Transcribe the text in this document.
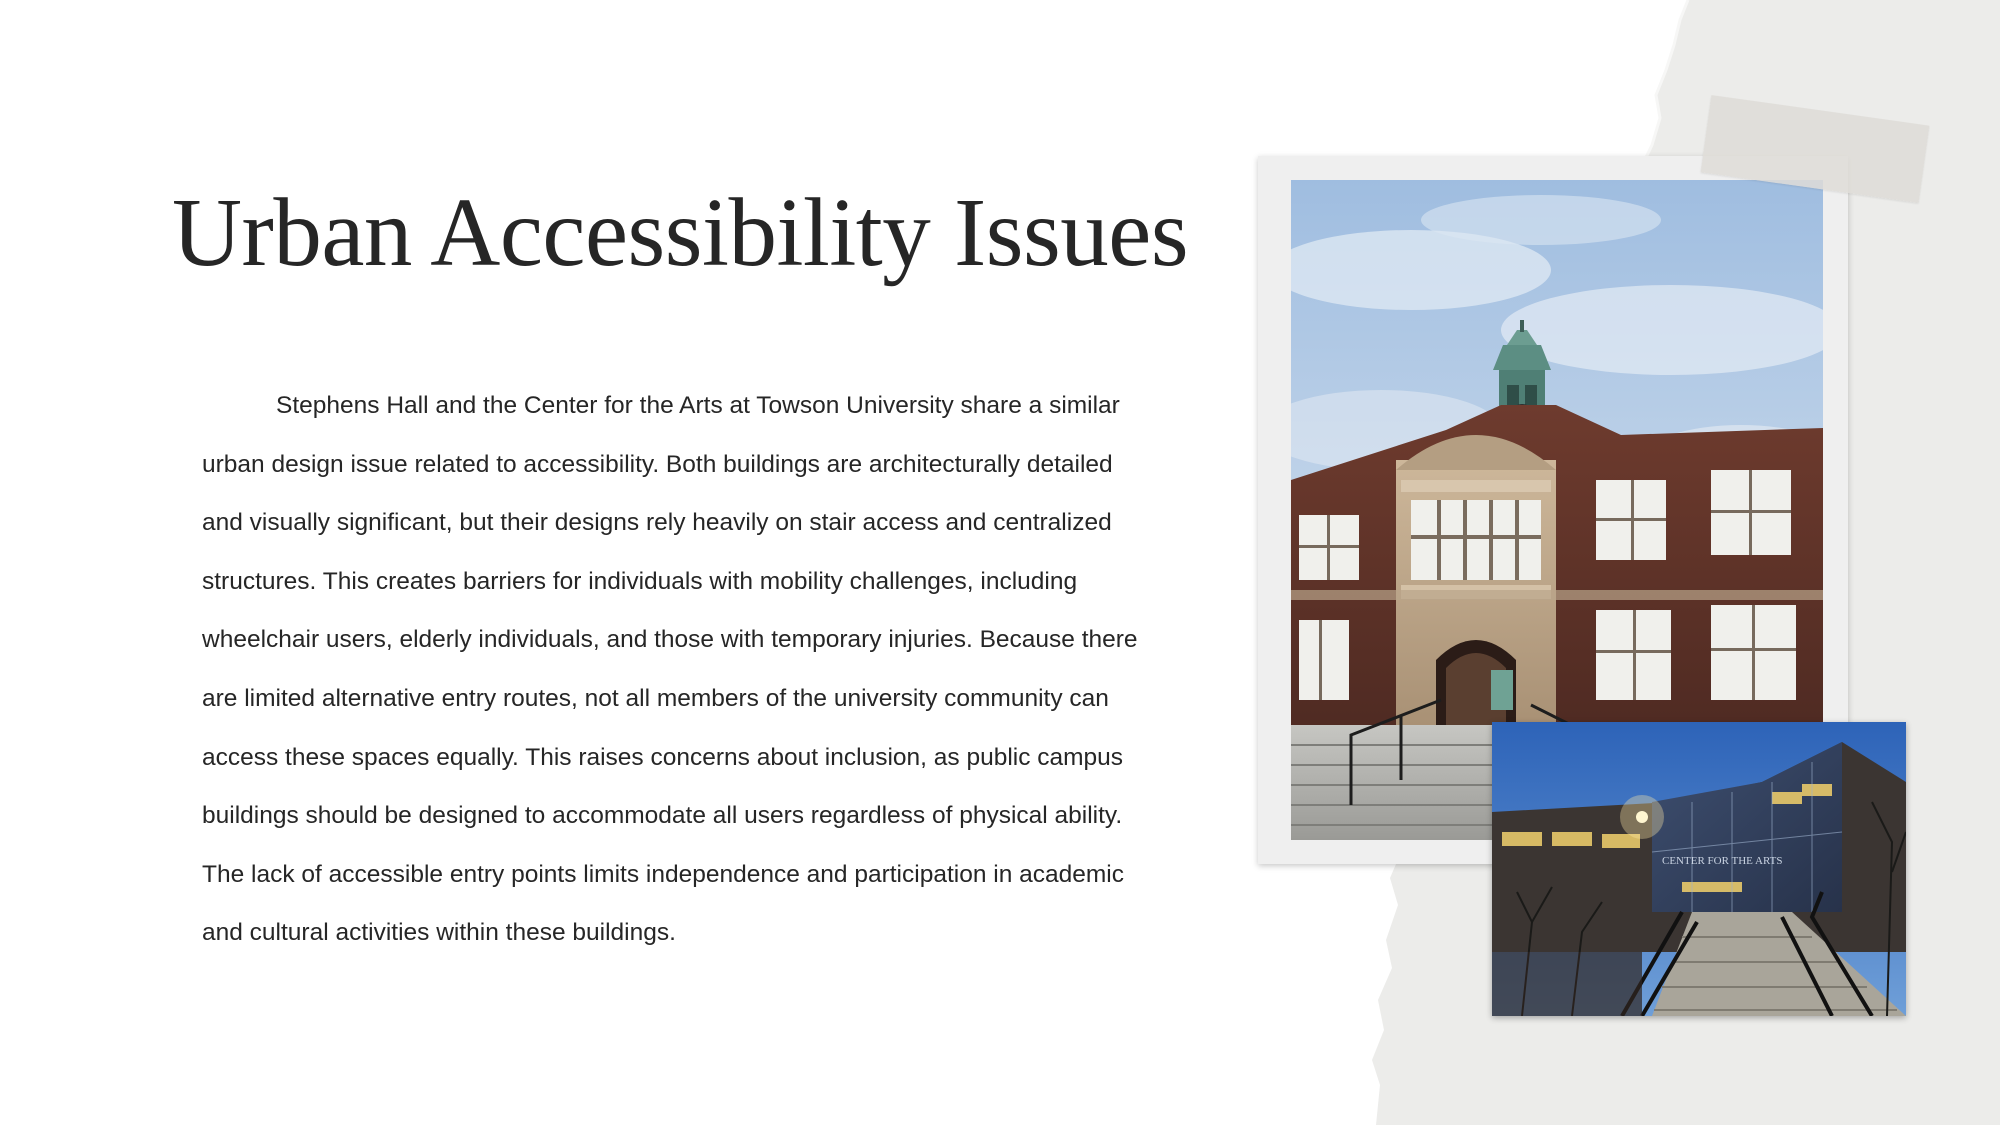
Urban Accessibility Issues

Stephens Hall and the Center for the Arts at Towson University share a similar urban design issue related to accessibility. Both buildings are architecturally detailed and visually significant, but their designs rely heavily on stair access and centralized structures. This creates barriers for individuals with mobility challenges, including wheelchair users, elderly individuals, and those with temporary injuries. Because there are limited alternative entry routes, not all members of the university community can access these spaces equally. This raises concerns about inclusion, as public campus buildings should be designed to accommodate all users regardless of physical ability. The lack of accessible entry points limits independence and participation in academic and cultural activities within these buildings.

CENTER FOR THE ARTS
